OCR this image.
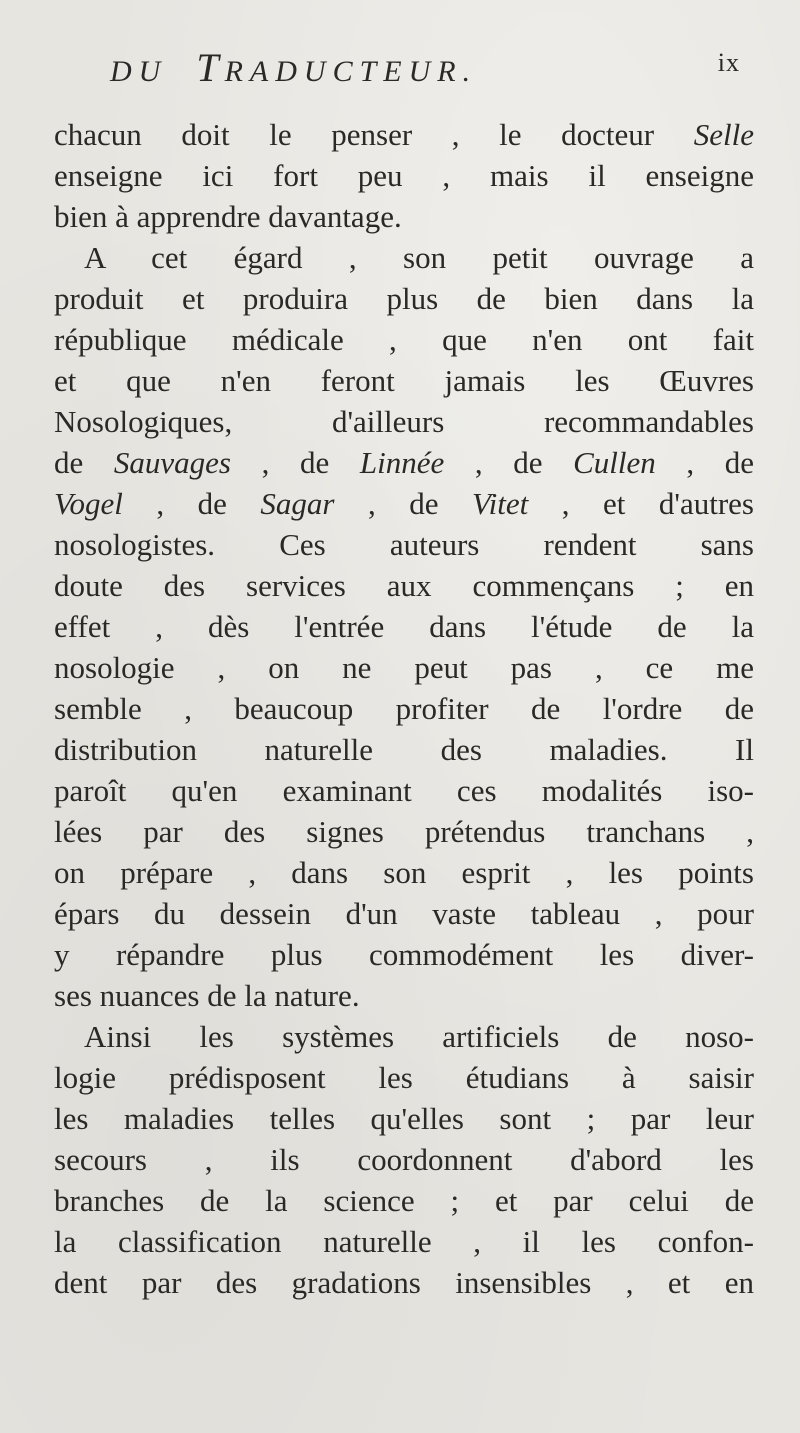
DU TRADUCTEUR.	ix
chacun doit le penser , le docteur Selle
enseigne ici fort peu , mais il enseigne
bien à apprendre davantage.
A cet égard , son petit ouvrage a
produit et produira plus de bien dans la
république médicale , que n'en ont fait
et que n'en feront jamais les Œuvres
Nosologiques, d'ailleurs recommandables
de Sauvages , de Linnée , de Cullen , de
Vogel , de Sagar , de Vitet , et d'autres
nosologistes. Ces auteurs rendent sans
doute des services aux commençans ; en
effet , dès l'entrée dans l'étude de la
nosologie , on ne peut pas , ce me
semble , beaucoup profiter de l'ordre de
distribution naturelle des maladies. Il
paroît qu'en examinant ces modalités iso-
lées par des signes prétendus tranchans ,
on prépare , dans son esprit , les points
épars du dessein d'un vaste tableau , pour
y répandre plus commodément les diver-
ses nuances de la nature.
Ainsi les systèmes artificiels de noso-
logie prédisposent les étudians à saisir
les maladies telles qu'elles sont ; par leur
secours , ils coordonnent d'abord les
branches de la science ; et par celui de
la classification naturelle , il les confon-
dent par des gradations insensibles , et en
